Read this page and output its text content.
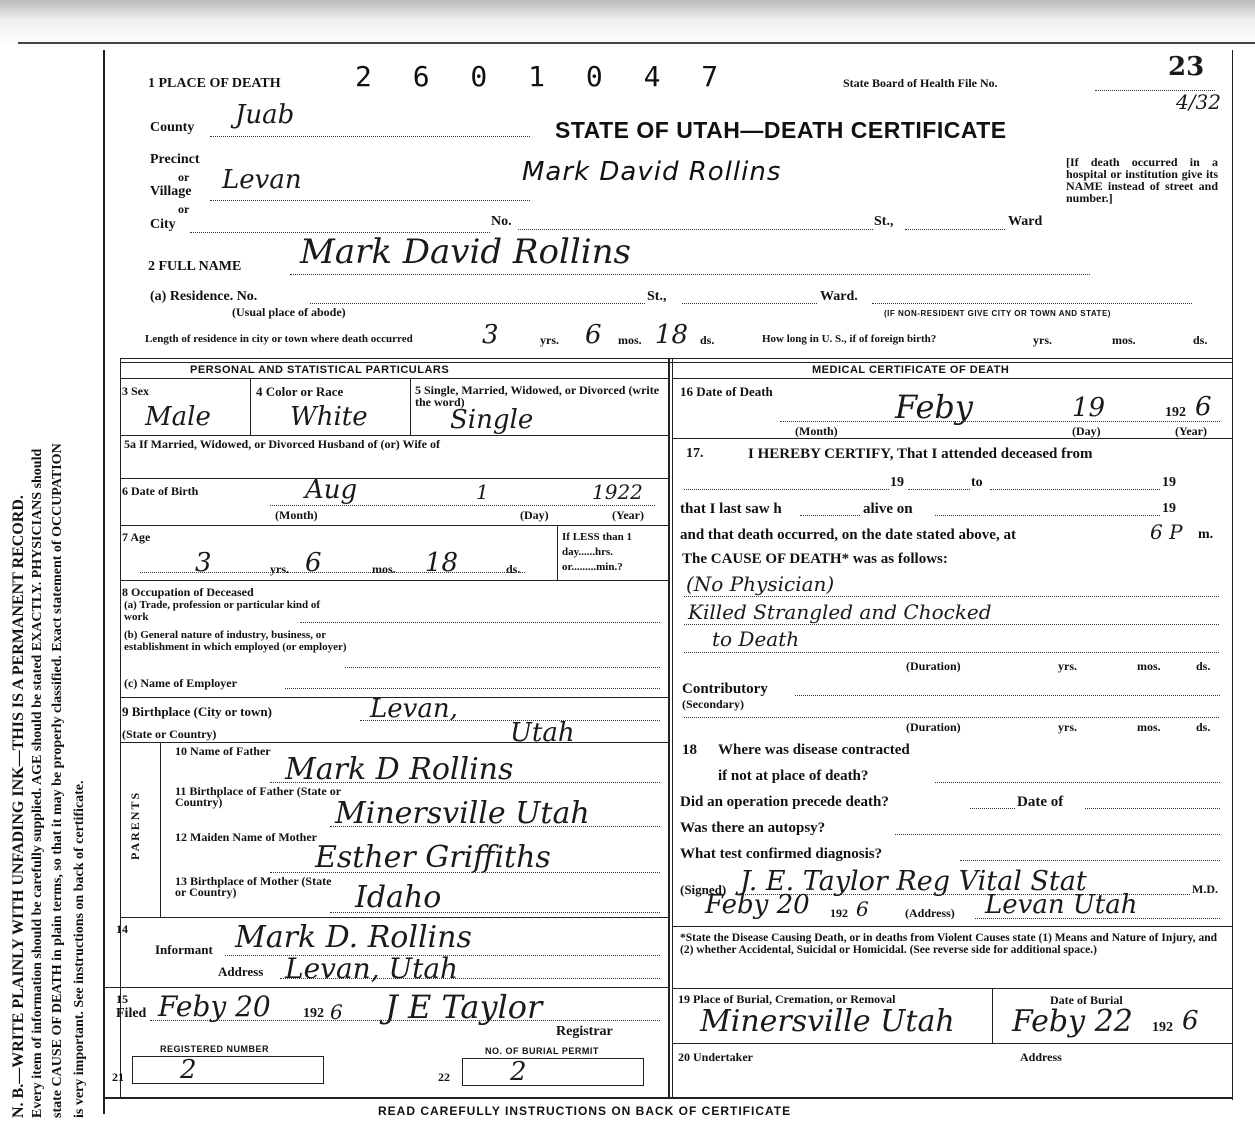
N. B.—WRITE PLAINLY WITH UNFADING INK—THIS IS A PERMANENT RECORD. Every item of information should be carefully supplied. AGE should be stated EXACTLY. PHYSICIANS should state CAUSE OF DEATH in plain terms, so that it may be properly classified. Exact statement of OCCUPATION is very important. See instructions on back of certificate.
1 PLACE OF DEATH	2 6 0 1 0 4 7	State Board of Health File No.
23
4/32
County Juab	STATE OF UTAH—DEATH CERTIFICATE
Precinct
or
Village Levan
or
City
Mark David Rollins
No.	St.,	Ward
[If death occurred in a hospital or institution give its NAME instead of street and number.]
2 FULL NAME Mark David Rollins
(a) Residence. No.
(Usual place of abode)
St.,	Ward.
(IF NON-RESIDENT GIVE CITY OR TOWN AND STATE)
Length of residence in city or town where death occurred	3	yrs. 6 mos. 18 ds.	How long in U. S., if of foreign birth?	yrs.	mos.	ds.
PERSONAL AND STATISTICAL PARTICULARS	MEDICAL CERTIFICATE OF DEATH
3 Sex
Male
4 Color or Race
White
5 Single, Married, Widowed, or Divorced (write the word)
Single
5a If Married, Widowed, or Divorced Husband of (or) Wife of
6 Date of Birth	Aug	1	1922
(Month)	(Day)	(Year)
7 Age
3	yrs. 6	mos. 18	ds.
If LESS than 1 day......hrs. or.........min.?
8 Occupation of Deceased
(a) Trade, profession or particular kind of work
(b) General nature of industry, business, or establishment in which employed (or employer)
(c) Name of Employer
9 Birthplace (City or town)	Levan,
(State or Country)	Utah
PARENTS
10 Name of Father
Mark D Rollins
11 Birthplace of Father (State or Country)	Minersville Utah
12 Maiden Name of Mother
Esther Griffiths
13 Birthplace of Mother (State or Country)	Idaho
14
Informant Mark D. Rollins
Address Levan, Utah
15
Filed Feby 20 192 6 J E Taylor
Registrar
REGISTERED NUMBER
21 2
NO. OF BURIAL PERMIT
22 2
16 Date of Death	Feby	19	192 6
(Month)	(Day)	(Year)
17.	I HEREBY CERTIFY, That I attended deceased from
19	to	19
that I last saw h	alive on	19
and that death occurred, on the date stated above, at	6 P m.
The CAUSE OF DEATH* was as follows:
(No Physician)
Killed Strangled and Chocked
to Death
(Duration)	yrs.	mos.	ds.
Contributory
(Secondary)
(Duration)	yrs.	mos.	ds.
18 Where was disease contracted
if not at place of death?
Did an operation precede death?	Date of
Was there an autopsy?
What test confirmed diagnosis?
(Signed) J. E. Taylor Reg Vital Stat	M.D.
Feby 20 192 6	(Address) Levan Utah
*State the Disease Causing Death, or in deaths from Violent Causes state (1) Means and Nature of Injury, and (2) whether Accidental, Suicidal or Homicidal. (See reverse side for additional space.)
19 Place of Burial, Cremation, or Removal
Minersville Utah
Date of Burial
Feby 22 192 6
20 Undertaker	Address
READ CAREFULLY INSTRUCTIONS ON BACK OF CERTIFICATE
